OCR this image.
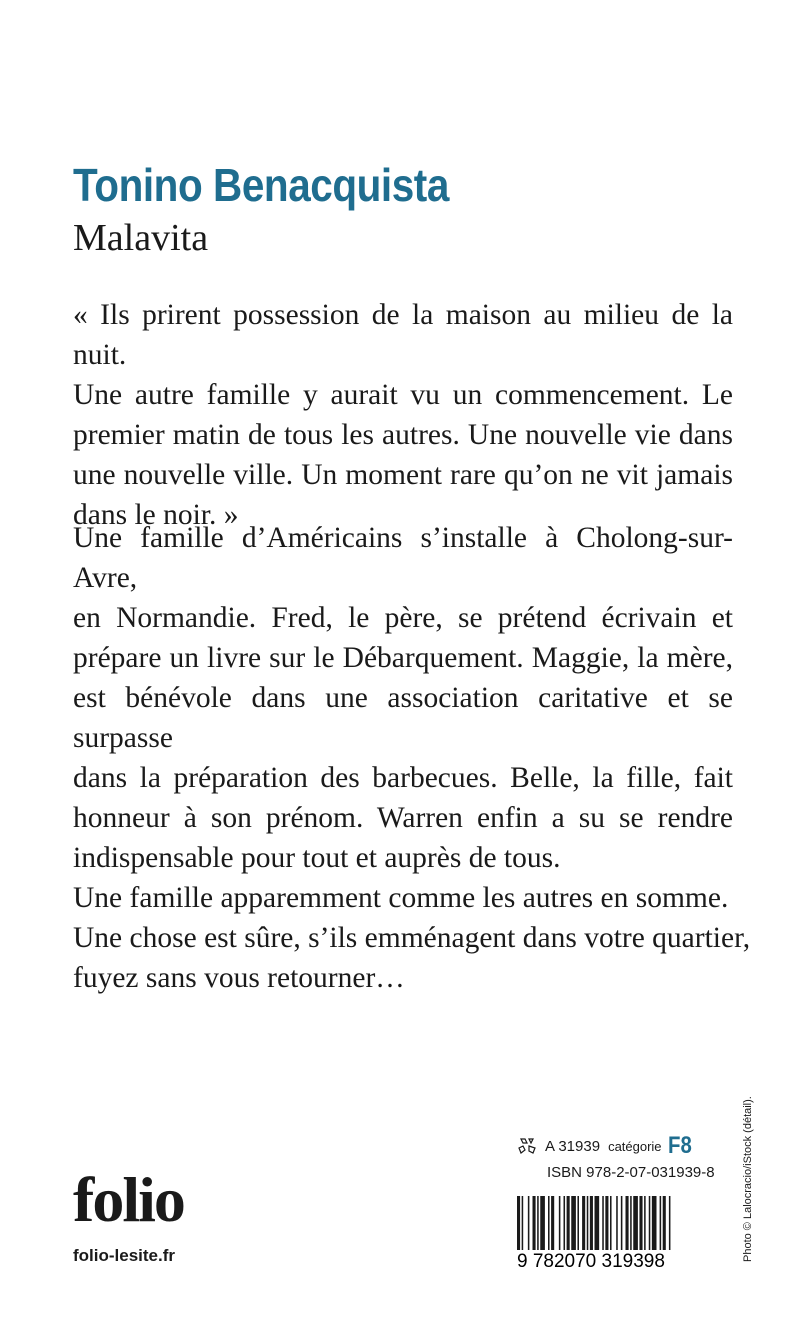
Tonino Benacquista
Malavita
« Ils prirent possession de la maison au milieu de la nuit.
Une autre famille y aurait vu un commencement. Le
premier matin de tous les autres. Une nouvelle vie dans
une nouvelle ville. Un moment rare qu’on ne vit jamais
dans le noir. »
Une famille d’Américains s’installe à Cholong-sur-Avre,
en Normandie. Fred, le père, se prétend écrivain et
prépare un livre sur le Débarquement. Maggie, la mère,
est bénévole dans une association caritative et se surpasse
dans la préparation des barbecues. Belle, la fille, fait
honneur à son prénom. Warren enfin a su se rendre
indispensable pour tout et auprès de tous.
Une famille apparemment comme les autres en somme.
Une chose est sûre, s’ils emménagent dans votre quartier,
fuyez sans vous retourner…
folio
folio-lesite.fr
A 31939 catégorie F8
ISBN 978-2-07-031939-8
9 782070 319398	Photo © Lalocracio/iStock (détail).
